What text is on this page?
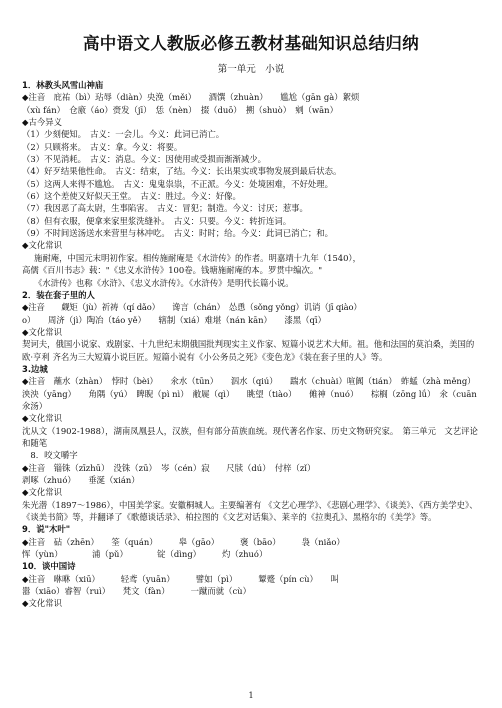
高中语文人教版必修五教材基础知识总结归纳
第一单元　小说
1．林教头风雪山神庙
◆注音　庇祐（bì）玷辱（diàn）央浼（měi）　　酒馔（zhuàn）　　尴尬（gān gà）絮烦
（xù fán）　仓廒（áo）赍发（jī）　恁（nèn）　掇（duō）　搠（shuò）　剜（wān）
◆古今异义
（1）少刻便知。　古义：一会儿。今义：此词已消亡。
（2）只顾将来。　古义：拿。今义：将要。
（3）不见消耗。　古义：消息。今义：因使用或受损而渐渐减少。
（4）好歹结果他性命。　古义：结束，了结。今义：长出果实或事物发展到最后状态。
（5）这两人来得不尴尬。　古义：鬼鬼祟祟，不正派。今义：处境困难，不好处理。
（6）这个差使又好似天王堂。　古义：胜过。今义：好像。
（7）我因恶了高太尉，生事陷害。　古义：冒犯；制造。今义：讨厌；惹事。
（8）但有衣服，便拿来家里浆洗缝补。　古义：只要。今义：转折连词。
（9）不时间送汤送水来营里与林冲吃。　古义：时时；给。今义：此词已消亡；和。
◆文化常识
施耐庵，中国元末明初作家。相传施耐庵是《水浒传》的作者。明嘉靖十九年（1540），
高儒《百川书志》载："《忠义水浒传》100卷。钱塘施耐庵的本。罗贯中编次。"
《水浒传》也称《水浒》、《忠义水浒传》。《水浒传》是明代长篇小说。
2．装在套子里的人
◆注音　　觑矩（jù）祈祷（qí dǎo）　　谗言（chán）　怂恿（sǒng yǒng）讥诮（jī qiào）
o）　　周济（jì）陶冶（táo yě）　　辖制（xiá）难堪（nán kān）　　漆黑（qī）
◆文化常识
契诃夫，俄国小说家、戏剧家、十九世纪末期俄国批判现实主义作家、短篇小说艺术大师。祖。他和法国的莫泊桑，美国的欧·亨利 齐名为三大短篇小说巨匠。短篇小说有《小公务员之死》《变色龙》《装在套子里的人》等。
3.边城
◆注音　蘸水（zhàn）　悖时（bèi）　　氽水（tūn）　　泅水（qiú）　　踹水（chuài）喧阗（tián）　蚱蜢（zhà měng）　泱泱（yāng）　　角隅（yú）　睥睨（pì nì）　敝屣（qì）　　眺望（tiào）　　傩神（nuó）　　棕榈（zōng lǘ）　氽（cuān氽汤）
◆文化常识
沈从文（1902-1988），湖南凤凰县人，汉族，但有部分苗族血统。现代著名作家、历史文物研究家。　第三单元　文艺评论和随笔
　8．咬文嚼字
◆注音　锱铢（zīzhū）　没铢（zū）　岑（cén）寂　　尺牍（dú）　付梓（zǐ）
剥啄（zhuó）　　垂涎（xián）
◆文化常识
朱光潜（1897～1986），中国美学家。安徽桐城人。主要编著有 《文艺心理学》、《悲剧心理学》、《谈美》、《西方美学史》、《谈美书简》等，并翻译了《歌德谈话录》、柏拉图的《文艺对话集》、莱辛的《拉奥孔》、黑格尔的《美学》等。
9．说"木叶"
◆注音　砧（zhēn）　　筌（quán）　　　皋（gāo）　　　褒（bāo）　　　袅（niǎo）
恽（yùn）　　　　浦（pǔ）　　　　锭（dìng）　　　灼（zhuó）
10．谈中国诗
◆注音　咻咻（xiū）　　　轻鸢（yuān）　　　譬如（pì）　　　颦蹙（pín cù）　　叫
嚣（xiāo）睿智（ruì）　　梵文（fàn）　　　一蹴而就（cù）
◆文化常识
1
